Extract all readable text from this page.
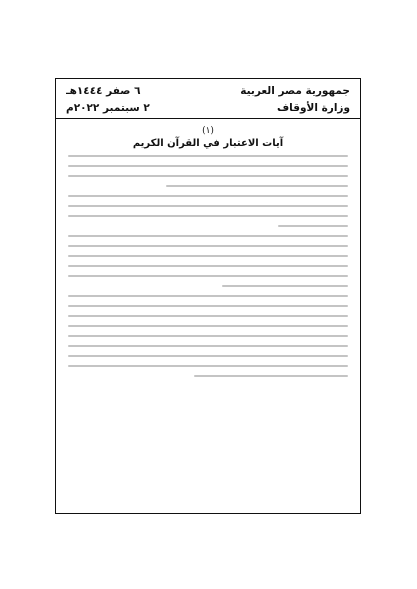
جمهورية مصر العربية
٦ صفر ١٤٤٤هـ
وزارة الأوقاف
٢ سبتمبر ٢٠٢٢م
(١)
آيات الاعتبار في القرآن الكريم
